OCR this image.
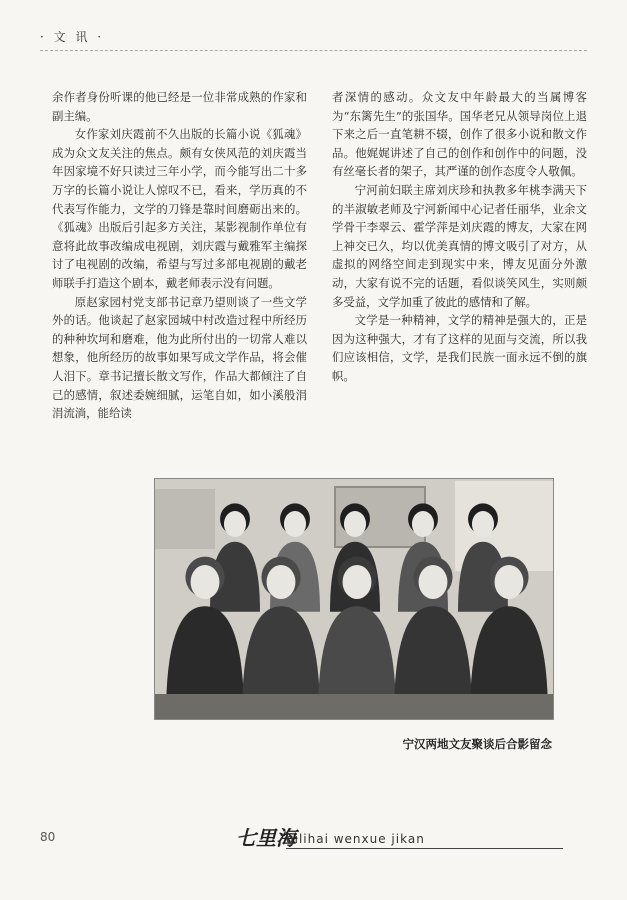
· 文 讯 ·

余作者身份听课的他已经是一位非常成熟的作家和副主编。

女作家刘庆霞前不久出版的长篇小说《狐魂》成为众文友关注的焦点。颇有女侠风范的刘庆霞当年因家境不好只读过三年小学，而今能写出二十多万字的长篇小说让人惊叹不已，看来，学历真的不代表写作能力，文学的刀锋是靠时间磨砺出来的。《狐魂》出版后引起多方关注，某影视制作单位有意将此故事改编成电视剧，刘庆霞与戴雅军主编探讨了电视剧的改编，希望与写过多部电视剧的戴老师联手打造这个剧本，戴老师表示没有问题。

原赵家园村党支部书记章乃望则谈了一些文学外的话。他谈起了赵家园城中村改造过程中所经历的种种坎坷和磨难，他为此所付出的一切常人难以想象，他所经历的故事如果写成文学作品，将会催人泪下。章书记擅长散文写作，作品大都倾注了自己的感情，叙述委婉细腻，运笔自如，如小溪般涓涓流淌，能给读

者深情的感动。众文友中年龄最大的当属博客为“东篱先生”的张国华。国华老兄从领导岗位上退下来之后一直笔耕不辍，创作了很多小说和散文作品。他娓娓讲述了自己的创作和创作中的问题，没有丝毫长者的架子，其严谨的创作态度令人敬佩。

宁河前妇联主席刘庆珍和执教多年桃李满天下的半淑敏老师及宁河新闻中心记者任丽华，业余文学骨干李翠云、霍学萍是刘庆霞的博友，大家在网上神交已久，均以优美真情的博文吸引了对方，从虚拟的网络空间走到现实中来，博友见面分外激动，大家有说不完的话题，看似谈笑风生，实则颇多受益，文学加重了彼此的感情和了解。

文学是一种精神，文学的精神是强大的，正是因为这种强大，才有了这样的见面与交流，所以我们应该相信，文学，是我们民族一面永远不倒的旗帜。

宁汉两地文友聚谈后合影留念
80	七里海
qilihai wenxue jikan
